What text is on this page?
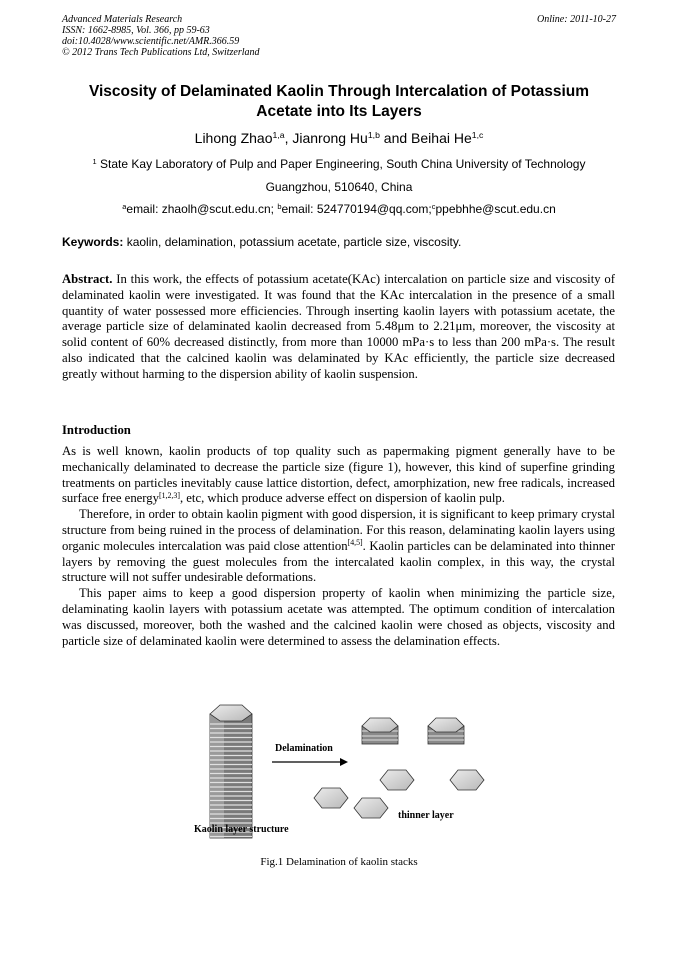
Advanced Materials Research
ISSN: 1662-8985, Vol. 366, pp 59-63
doi:10.4028/www.scientific.net/AMR.366.59
© 2012 Trans Tech Publications Ltd, Switzerland
Online: 2011-10-27
Viscosity of Delaminated Kaolin Through Intercalation of Potassium Acetate into Its Layers
Lihong Zhao$^{1,a}$, Jianrong Hu$^{1,b}$ and Beihai He$^{1,c}$
$^1$ State Kay Laboratory of Pulp and Paper Engineering, South China University of Technology
Guangzhou, 510640, China
$^a$email: zhaolh@scut.edu.cn; $^b$email: 524770194@qq.com;$^c$ppebhhe@scut.edu.cn
Keywords: kaolin, delamination, potassium acetate, particle size, viscosity.

Abstract. In this work, the effects of potassium acetate(KAc) intercalation on particle size and viscosity of delaminated kaolin were investigated. It was found that the KAc intercalation in the presence of a small quantity of water possessed more efficiencies. Through inserting kaolin layers with potassium acetate, the average particle size of delaminated kaolin decreased from 5.48μm to 2.21μm, moreover, the viscosity at solid content of 60% decreased distinctly, from more than 10000 mPa·s to less than 200 mPa·s. The result also indicated that the calcined kaolin was delaminated by KAc efficiently, the particle size decreased greatly without harming to the dispersion ability of kaolin suspension.

Introduction

As is well known, kaolin products of top quality such as papermaking pigment generally have to be mechanically delaminated to decrease the particle size (figure 1), however, this kind of superfine grinding treatments on particles inevitably cause lattice distortion, defect, amorphization, new free radicals, increased surface free energy[1,2,3], etc, which produce adverse effect on dispersion of kaolin pulp.

Therefore, in order to obtain kaolin pigment with good dispersion, it is significant to keep primary crystal structure from being ruined in the process of delamination. For this reason, delaminating kaolin layers using organic molecules intercalation was paid close attention[4,5]. Kaolin particles can be delaminated into thinner layers by removing the guest molecules from the intercalated kaolin complex, in this way, the crystal structure will not suffer undesirable deformations.

This paper aims to keep a good dispersion property of kaolin when minimizing the particle size, delaminating kaolin layers with potassium acetate was attempted. The optimum condition of intercalation was discussed, moreover, both the washed and the calcined kaolin were chosed as objects, viscosity and particle size of delaminated kaolin were determined to assess the delamination effects.

Delamination
Kaolin layer structure
thinner layer
Fig.1 Delamination of kaolin stacks
